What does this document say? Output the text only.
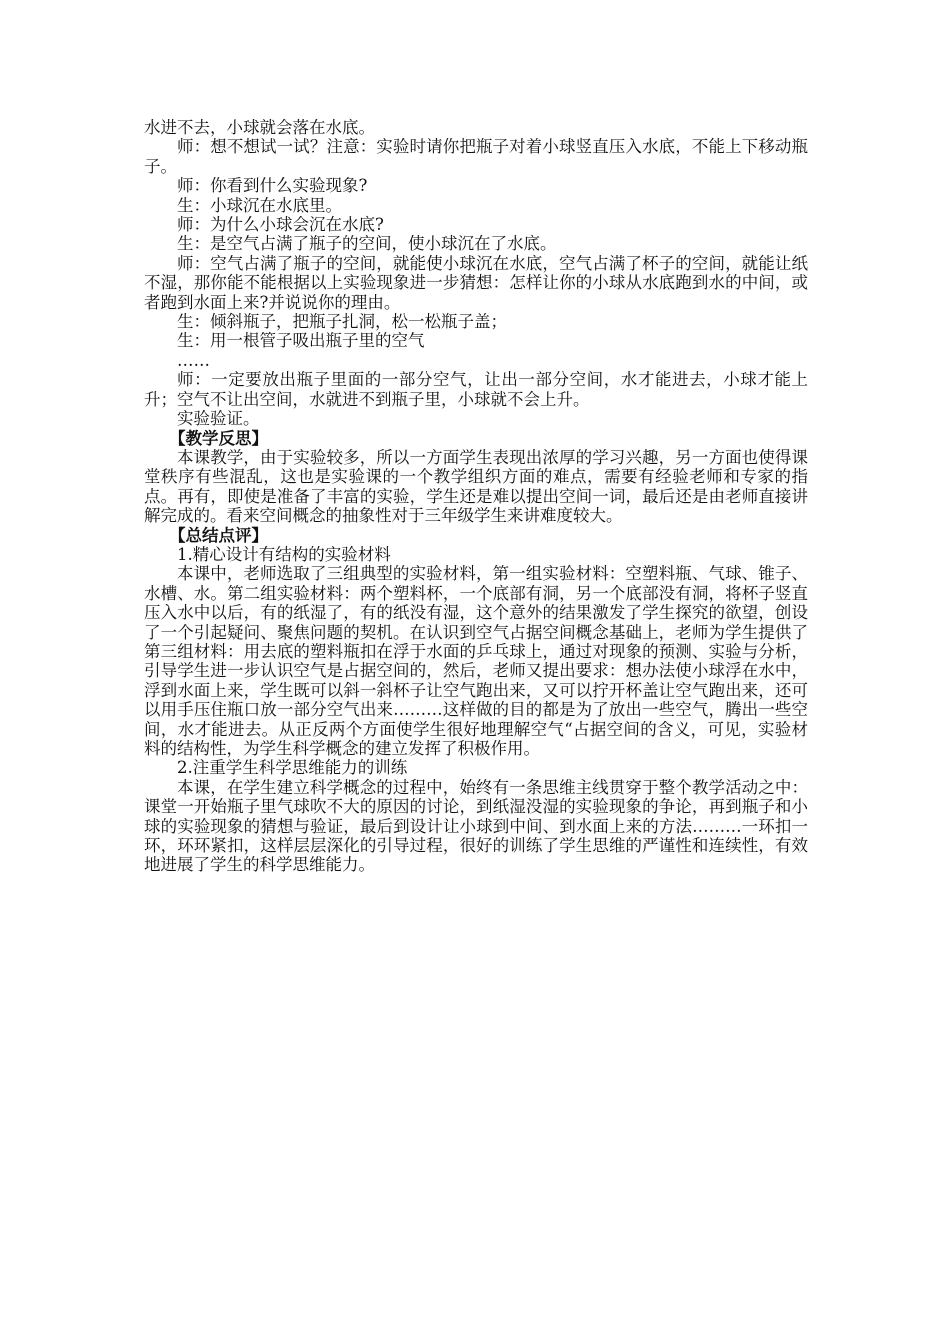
水进不去，小球就会落在水底。

师：想不想试一试？注意：实验时请你把瓶子对着小球竖直压入水底，不能上下移动瓶子。

师：你看到什么实验现象?

生：小球沉在水底里。

师：为什么小球会沉在水底?

生：是空气占满了瓶子的空间，使小球沉在了水底。

师：空气占满了瓶子的空间，就能使小球沉在水底，空气占满了杯子的空间，就能让纸不湿，那你能不能根据以上实验现象进一步猜想：怎样让你的小球从水底跑到水的中间，或者跑到水面上来?并说说你的理由。

生：倾斜瓶子，把瓶子扎洞，松一松瓶子盖；

生：用一根管子吸出瓶子里的空气

……

师：一定要放出瓶子里面的一部分空气，让出一部分空间，水才能进去，小球才能上升；空气不让出空间，水就进不到瓶子里，小球就不会上升。

实验验证。

【教学反思】

本课教学，由于实验较多，所以一方面学生表现出浓厚的学习兴趣，另一方面也使得课堂秩序有些混乱，这也是实验课的一个教学组织方面的难点，需要有经验老师和专家的指点。再有，即使是准备了丰富的实验，学生还是难以提出空间一词，最后还是由老师直接讲解完成的。看来空间概念的抽象性对于三年级学生来讲难度较大。

【总结点评】

1.精心设计有结构的实验材料

本课中，老师选取了三组典型的实验材料，第一组实验材料：空塑料瓶、气球、锥子、水槽、水。第二组实验材料：两个塑料杯，一个底部有洞，另一个底部没有洞，将杯子竖直压入水中以后，有的纸湿了，有的纸没有湿，这个意外的结果激发了学生探究的欲望，创设了一个引起疑问、聚焦问题的契机。在认识到空气占据空间概念基础上，老师为学生提供了第三组材料：用去底的塑料瓶扣在浮于水面的乒乓球上，通过对现象的预测、实验与分析，引导学生进一步认识空气是占据空间的，然后，老师又提出要求：想办法使小球浮在水中，浮到水面上来，学生既可以斜一斜杯子让空气跑出来，又可以拧开杯盖让空气跑出来，还可以用手压住瓶口放一部分空气出来………这样做的目的都是为了放出一些空气，腾出一些空间，水才能进去。从正反两个方面使学生很好地理解空气“占据空间的含义，可见，实验材料的结构性，为学生科学概念的建立发挥了积极作用。

2.注重学生科学思维能力的训练

本课，在学生建立科学概念的过程中，始终有一条思维主线贯穿于整个教学活动之中：课堂一开始瓶子里气球吹不大的原因的讨论，到纸湿没湿的实验现象的争论，再到瓶子和小球的实验现象的猜想与验证，最后到设计让小球到中间、到水面上来的方法………一环扣一环，环环紧扣，这样层层深化的引导过程，很好的训练了学生思维的严谨性和连续性，有效地进展了学生的科学思维能力。
